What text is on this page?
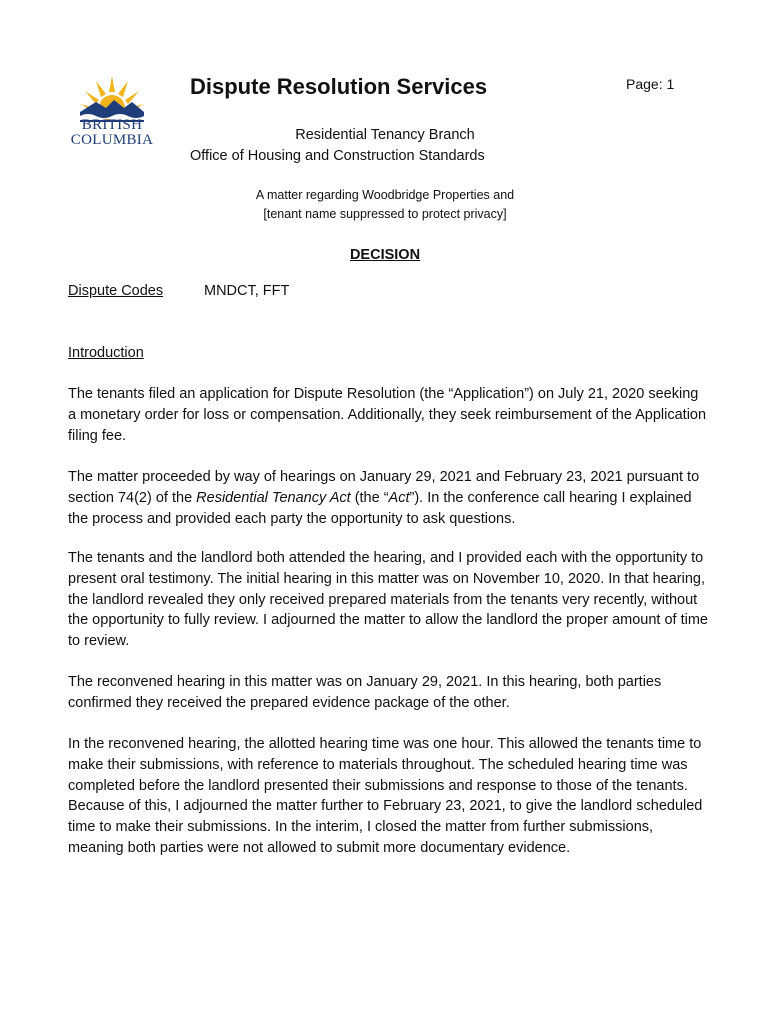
BRITISH
COLUMBIA
Dispute Resolution Services	Page: 1
Residential Tenancy Branch
Office of Housing and Construction Standards
A matter regarding Woodbridge Properties and
[tenant name suppressed to protect privacy]
DECISION
Dispute Codes	MNDCT, FFT
Introduction

The tenants filed an application for Dispute Resolution (the “Application”) on July 21, 2020 seeking a monetary order for loss or compensation. Additionally, they seek reimbursement of the Application filing fee.

The matter proceeded by way of hearings on January 29, 2021 and February 23, 2021 pursuant to section 74(2) of the Residential Tenancy Act (the “Act”). In the conference call hearing I explained the process and provided each party the opportunity to ask questions.

The tenants and the landlord both attended the hearing, and I provided each with the opportunity to present oral testimony. The initial hearing in this matter was on November 10, 2020. In that hearing, the landlord revealed they only received prepared materials from the tenants very recently, without the opportunity to fully review. I adjourned the matter to allow the landlord the proper amount of time to review.

The reconvened hearing in this matter was on January 29, 2021. In this hearing, both parties confirmed they received the prepared evidence package of the other.

In the reconvened hearing, the allotted hearing time was one hour. This allowed the tenants time to make their submissions, with reference to materials throughout. The scheduled hearing time was completed before the landlord presented their submissions and response to those of the tenants. Because of this, I adjourned the matter further to February 23, 2021, to give the landlord scheduled time to make their submissions. In the interim, I closed the matter from further submissions, meaning both parties were not allowed to submit more documentary evidence.
